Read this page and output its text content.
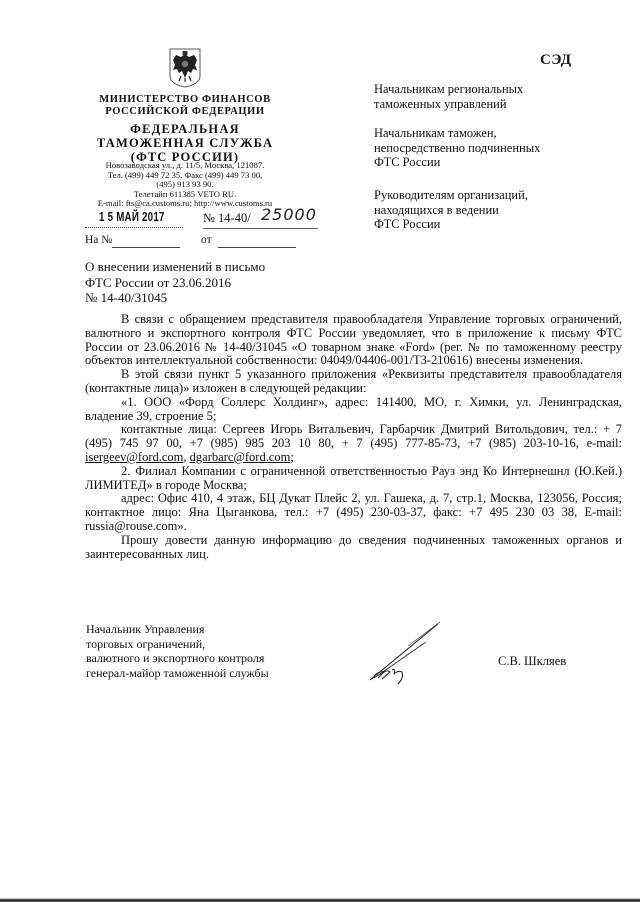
СЭД
МИНИСТЕРСТВО ФИНАНСОВ
РОССИЙСКОЙ ФЕДЕРАЦИИ
ФЕДЕРАЛЬНАЯ
ТАМОЖЕННАЯ СЛУЖБА
(ФТС РОССИИ)
Новозаводская ул., д. 11/5, Москва, 121087.
Тел. (499) 449 72 35. Факс (499) 449 73 00,
(495) 913 93 90.
Телетайп 611385 VETO RU.
E-mail: fts@ca.customs.ru; http://www.customs.ru
1 5 МАЙ 2017	№ 14-40/ 25000
На №	от
О внесении изменений в письмо
ФТС России от 23.06.2016
№ 14-40/31045
Начальникам региональных
таможенных управлений
Начальникам таможен,
непосредственно подчиненных
ФТС России
Руководителям организаций,
находящихся в ведении
ФТС России

В связи с обращением представителя правообладателя Управление торговых ограничений, валютного и экспортного контроля ФТС России уведомляет, что в приложение к письму ФТС России от 23.06.2016 № 14-40/31045 «О товарном знаке «Ford» (рег. № по таможенному реестру объектов интеллектуальной собственности: 04049/04406-001/ТЗ-210616) внесены изменения.

В этой связи пункт 5 указанного приложения «Реквизиты представителя правообладателя (контактные лица)» изложен в следующей редакции:

«1. ООО «Форд Соллерс Холдинг», адрес: 141400, МО, г. Химки, ул. Ленинградская, владение 39, строение 5;

контактные лица: Сергеев Игорь Витальевич, Гарбарчик Дмитрий Витольдович, тел.: + 7 (495) 745 97 00, +7 (985) 985 203 10 80, + 7 (495) 777-85-73, +7 (985) 203-10-16, e-mail: isergeev@ford.com, dgarbarc@ford.com;

2. Филиал Компании с ограниченной ответственностью Рауз энд Ко Интернешнл (Ю.Кей.) ЛИМИТЕД» в городе Москва;

адрес: Офис 410, 4 этаж, БЦ Дукат Плейс 2, ул. Гашека, д. 7, стр.1, Москва, 123056, Россия; контактное лицо: Яна Цыганкова, тел.: +7 (495) 230-03-37, факс: +7 495 230 03 38, E-mail: russia@rouse.com».

Прошу довести данную информацию до сведения подчиненных таможенных органов и заинтересованных лиц.

Начальник Управления
торговых ограничений,
валютного и экспортного контроля
генерал-майор таможенной службы
С.В. Шкляев
